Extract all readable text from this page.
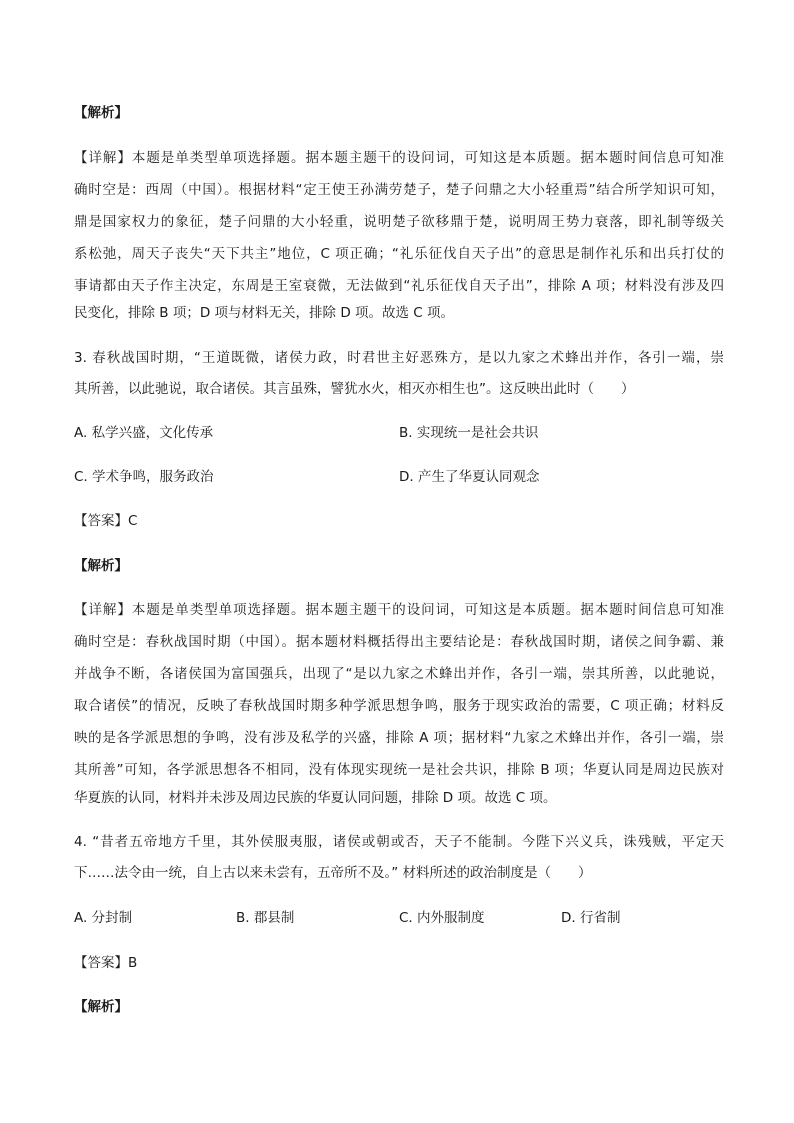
【解析】
【详解】本题是单类型单项选择题。据本题主题干的设问词，可知这是本质题。据本题时间信息可知准
确时空是：西周（中国）。根据材料“定王使王孙满劳楚子，楚子问鼎之大小轻重焉”结合所学知识可知，
鼎是国家权力的象征，楚子问鼎的大小轻重，说明楚子欲移鼎于楚，说明周王势力衰落，即礼制等级关
系松弛，周天子丧失“天下共主”地位，C 项正确；“礼乐征伐自天子出”的意思是制作礼乐和出兵打仗的
事请都由天子作主决定，东周是王室衰微，无法做到“礼乐征伐自天子出”，排除 A 项；材料没有涉及四
民变化，排除 B 项；D 项与材料无关，排除 D 项。故选 C 项。
3. 春秋战国时期，“王道既微，诸侯力政，时君世主好恶殊方，是以九家之术蜂出并作，各引一端，崇
其所善，以此驰说，取合诸侯。其言虽殊，譬犹水火，相灭亦相生也”。这反映出此时（　　）
A. 私学兴盛，文化传承	B. 实现统一是社会共识
C. 学术争鸣，服务政治	D. 产生了华夏认同观念
【答案】C
【解析】
【详解】本题是单类型单项选择题。据本题主题干的设问词，可知这是本质题。据本题时间信息可知准
确时空是：春秋战国时期（中国）。据本题材料概括得出主要结论是：春秋战国时期，诸侯之间争霸、兼
并战争不断，各诸侯国为富国强兵，出现了“是以九家之术蜂出并作，各引一端，崇其所善，以此驰说，
取合诸侯”的情况，反映了春秋战国时期多种学派思想争鸣，服务于现实政治的需要，C 项正确；材料反
映的是各学派思想的争鸣，没有涉及私学的兴盛，排除 A 项；据材料“九家之术蜂出并作，各引一端，崇
其所善”可知，各学派思想各不相同，没有体现实现统一是社会共识，排除 B 项；华夏认同是周边民族对
华夏族的认同，材料并未涉及周边民族的华夏认同问题，排除 D 项。故选 C 项。
4. “昔者五帝地方千里，其外侯服夷服，诸侯或朝或否，天子不能制。今陛下兴义兵，诛残贼，平定天
下……法令由一统，自上古以来未尝有，五帝所不及。” 材料所述的政治制度是（　　）
A. 分封制	B. 郡县制	C. 内外服制度	D. 行省制
【答案】B
【解析】
